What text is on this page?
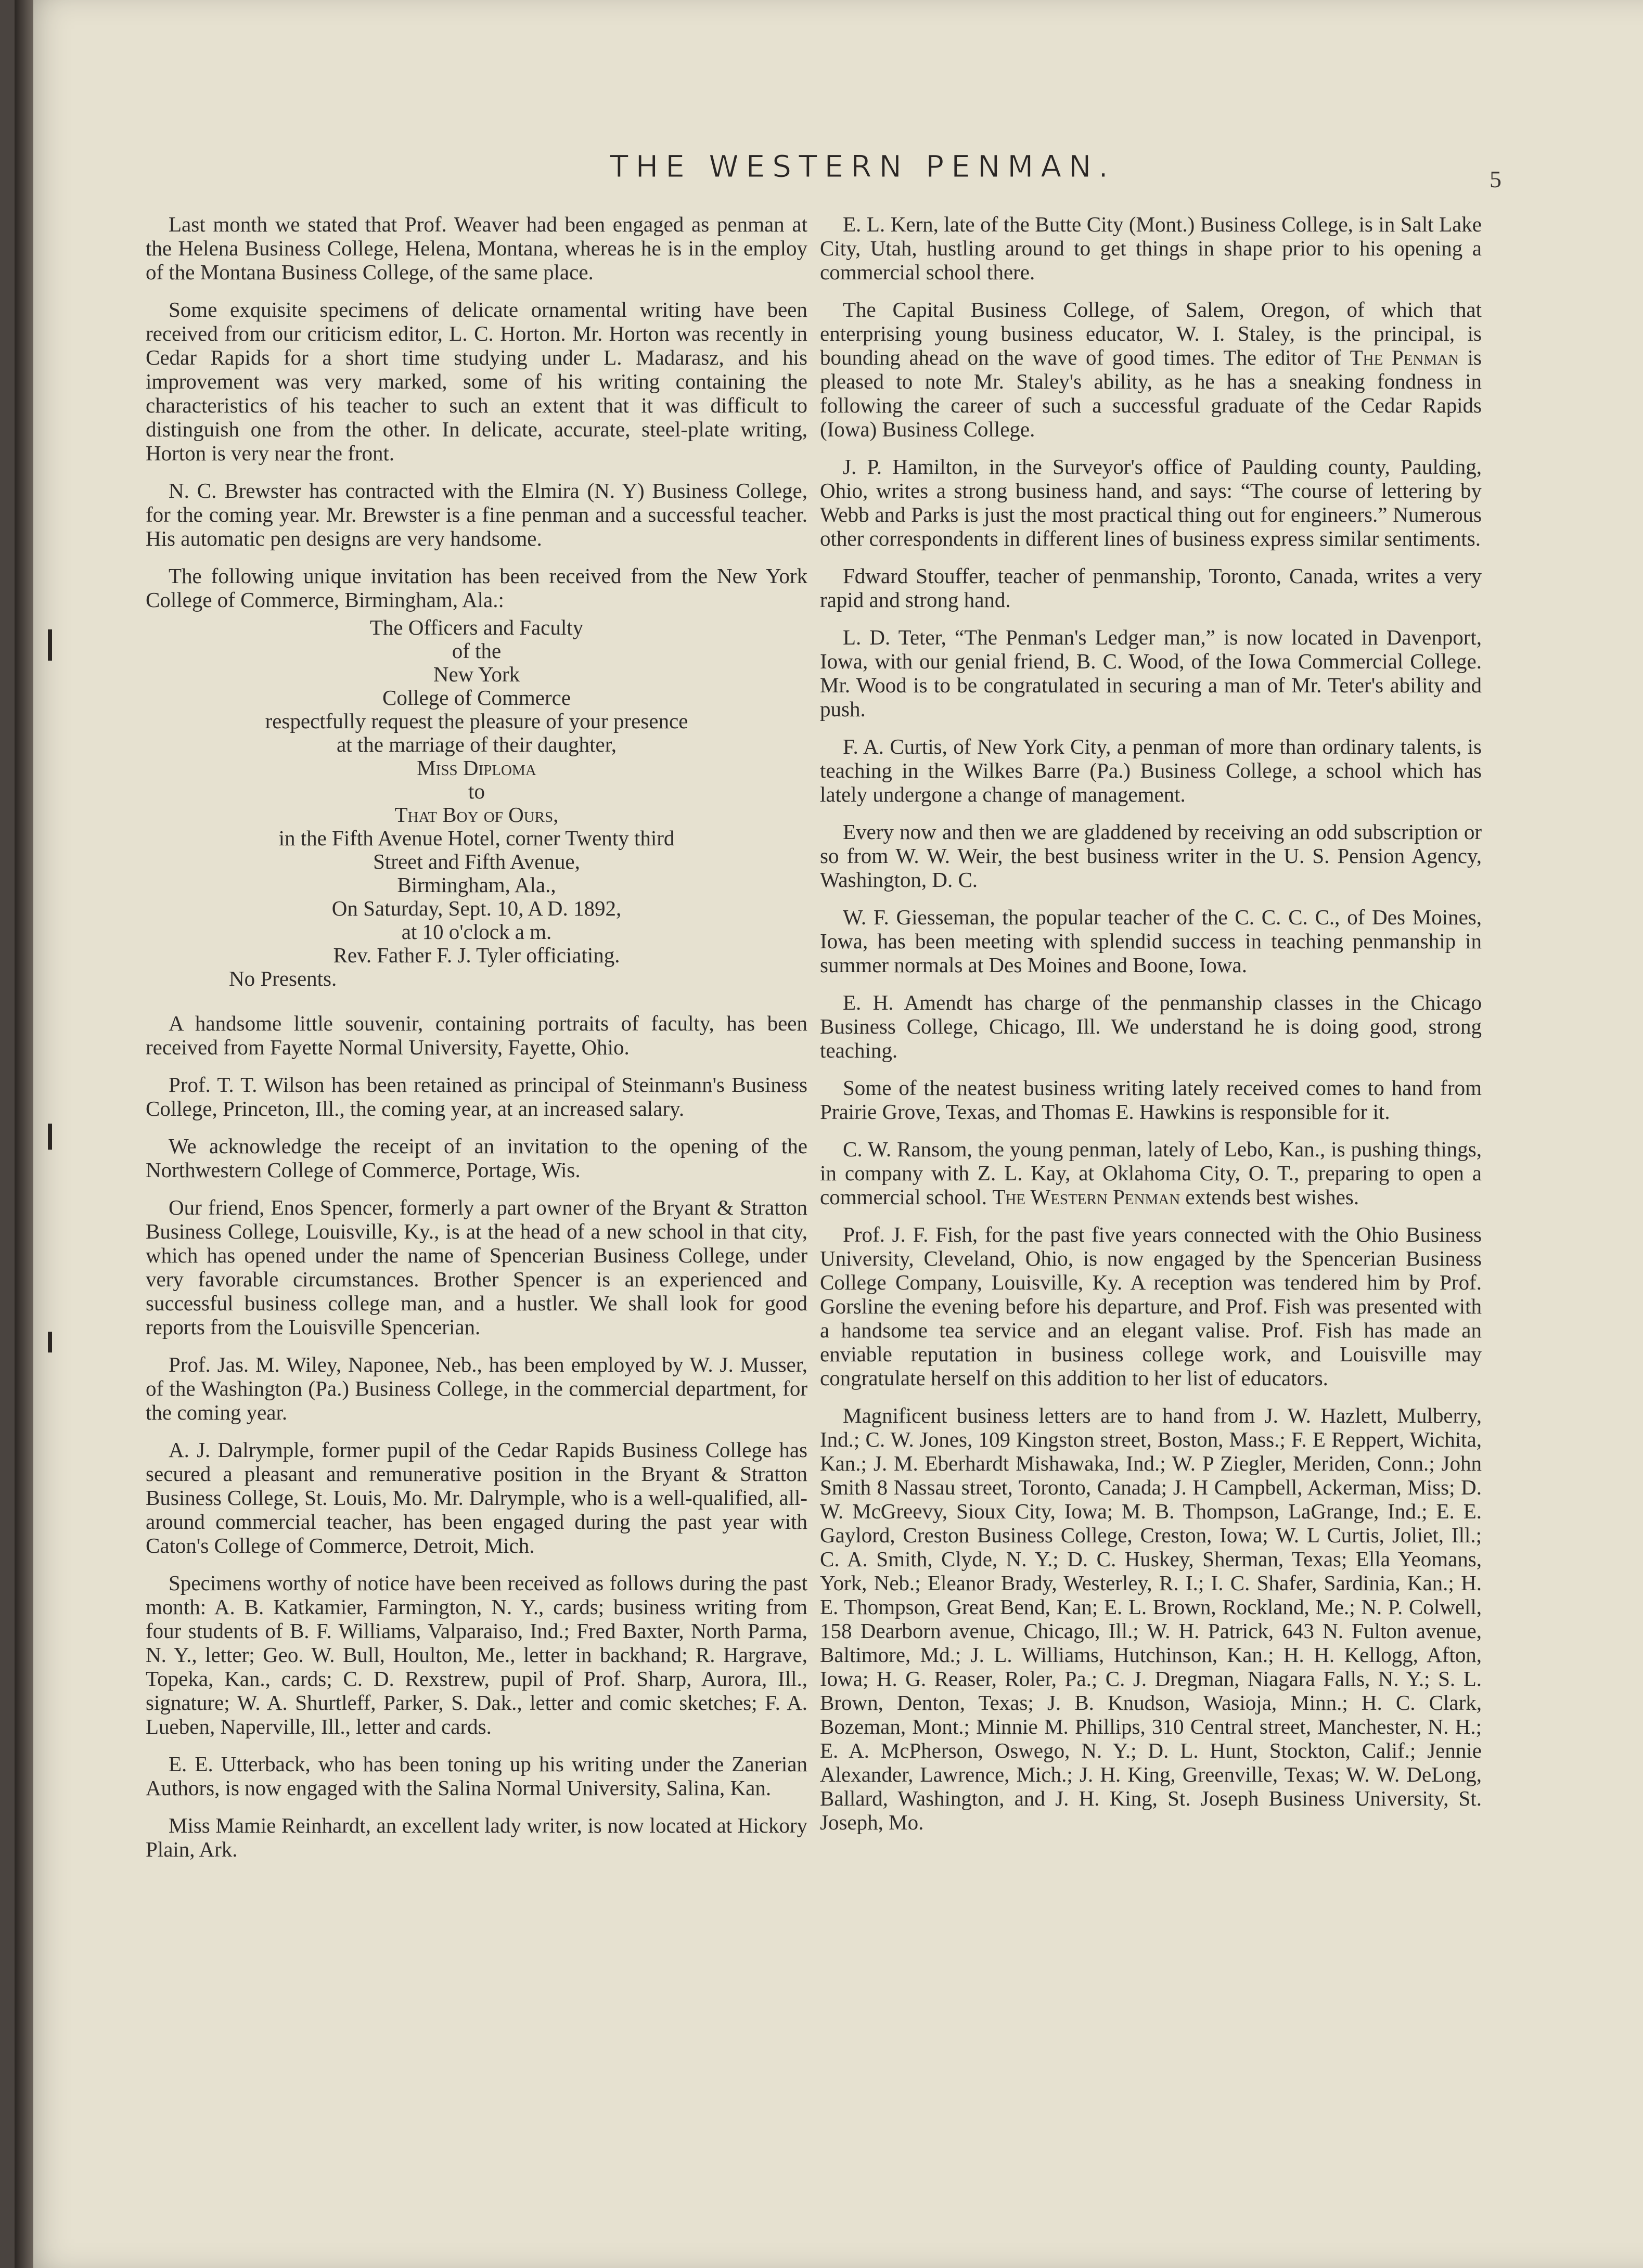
THE WESTERN PENMAN.	5

Last month we stated that Prof. Weaver had been engaged as penman at the Helena Business College, Helena, Montana, whereas he is in the employ of the Montana Business College, of the same place.

Some exquisite specimens of delicate ornamental writing have been received from our criticism editor, L. C. Horton. Mr. Horton was recently in Cedar Rapids for a short time studying under L. Madarasz, and his improvement was very marked, some of his writing containing the characteristics of his teacher to such an extent that it was difficult to distinguish one from the other. In delicate, accurate, steel-plate writing, Horton is very near the front.

N. C. Brewster has contracted with the Elmira (N. Y) Business College, for the coming year. Mr. Brewster is a fine penman and a successful teacher. His automatic pen designs are very handsome.

The following unique invitation has been received from the New York College of Commerce, Birmingham, Ala.:

The Officers and Faculty
of the
New York
College of Commerce
respectfully request the pleasure of your presence
at the marriage of their daughter,
Miss Diploma
to
That Boy of Ours,
in the Fifth Avenue Hotel, corner Twenty third
Street and Fifth Avenue,
Birmingham, Ala.,
On Saturday, Sept. 10, A D. 1892,
at 10 o'clock a m.
Rev. Father F. J. Tyler officiating.
No Presents.

A handsome little souvenir, containing portraits of faculty, has been received from Fayette Normal University, Fayette, Ohio.

Prof. T. T. Wilson has been retained as principal of Steinmann's Business College, Princeton, Ill., the coming year, at an increased salary.

We acknowledge the receipt of an invitation to the opening of the Northwestern College of Commerce, Portage, Wis.

Our friend, Enos Spencer, formerly a part owner of the Bryant & Stratton Business College, Louisville, Ky., is at the head of a new school in that city, which has opened under the name of Spencerian Business College, under very favorable circumstances. Brother Spencer is an experienced and successful business college man, and a hustler. We shall look for good reports from the Louisville Spencerian.

Prof. Jas. M. Wiley, Naponee, Neb., has been employed by W. J. Musser, of the Washington (Pa.) Business College, in the commercial department, for the coming year.

A. J. Dalrymple, former pupil of the Cedar Rapids Business College has secured a pleasant and remunerative position in the Bryant & Stratton Business College, St. Louis, Mo. Mr. Dalrymple, who is a well-qualified, all-around commercial teacher, has been engaged during the past year with Caton's College of Commerce, Detroit, Mich.

Specimens worthy of notice have been received as follows during the past month: A. B. Katkamier, Farmington, N. Y., cards; business writing from four students of B. F. Williams, Valparaiso, Ind.; Fred Baxter, North Parma, N. Y., letter; Geo. W. Bull, Houlton, Me., letter in backhand; R. Hargrave, Topeka, Kan., cards; C. D. Rexstrew, pupil of Prof. Sharp, Aurora, Ill., signature; W. A. Shurtleff, Parker, S. Dak., letter and comic sketches; F. A. Lueben, Naperville, Ill., letter and cards.

E. E. Utterback, who has been toning up his writing under the Zanerian Authors, is now engaged with the Salina Normal University, Salina, Kan.

Miss Mamie Reinhardt, an excellent lady writer, is now located at Hickory Plain, Ark.

E. L. Kern, late of the Butte City (Mont.) Business College, is in Salt Lake City, Utah, hustling around to get things in shape prior to his opening a commercial school there.

The Capital Business College, of Salem, Oregon, of which that enterprising young business educator, W. I. Staley, is the principal, is bounding ahead on the wave of good times. The editor of The Penman is pleased to note Mr. Staley's ability, as he has a sneaking fondness in following the career of such a successful graduate of the Cedar Rapids (Iowa) Business College.

J. P. Hamilton, in the Surveyor's office of Paulding county, Paulding, Ohio, writes a strong business hand, and says: “The course of lettering by Webb and Parks is just the most practical thing out for engineers.” Numerous other correspondents in different lines of business express similar sentiments.

Fdward Stouffer, teacher of penmanship, Toronto, Canada, writes a very rapid and strong hand.

L. D. Teter, “The Penman's Ledger man,” is now located in Davenport, Iowa, with our genial friend, B. C. Wood, of the Iowa Commercial College. Mr. Wood is to be congratulated in securing a man of Mr. Teter's ability and push.

F. A. Curtis, of New York City, a penman of more than ordinary talents, is teaching in the Wilkes Barre (Pa.) Business College, a school which has lately undergone a change of management.

Every now and then we are gladdened by receiving an odd subscription or so from W. W. Weir, the best business writer in the U. S. Pension Agency, Washington, D. C.

W. F. Giesseman, the popular teacher of the C. C. C. C., of Des Moines, Iowa, has been meeting with splendid success in teaching penmanship in summer normals at Des Moines and Boone, Iowa.

E. H. Amendt has charge of the penmanship classes in the Chicago Business College, Chicago, Ill. We understand he is doing good, strong teaching.

Some of the neatest business writing lately received comes to hand from Prairie Grove, Texas, and Thomas E. Hawkins is responsible for it.

C. W. Ransom, the young penman, lately of Lebo, Kan., is pushing things, in company with Z. L. Kay, at Oklahoma City, O. T., preparing to open a commercial school. The Western Penman extends best wishes.

Prof. J. F. Fish, for the past five years connected with the Ohio Business University, Cleveland, Ohio, is now engaged by the Spencerian Business College Company, Louisville, Ky. A reception was tendered him by Prof. Gorsline the evening before his departure, and Prof. Fish was presented with a handsome tea service and an elegant valise. Prof. Fish has made an enviable reputation in business college work, and Louisville may congratulate herself on this addition to her list of educators.

Magnificent business letters are to hand from J. W. Hazlett, Mulberry, Ind.; C. W. Jones, 109 Kingston street, Boston, Mass.; F. E Reppert, Wichita, Kan.; J. M. Eberhardt Mishawaka, Ind.; W. P Ziegler, Meriden, Conn.; John Smith 8 Nassau street, Toronto, Canada; J. H Campbell, Ackerman, Miss; D. W. McGreevy, Sioux City, Iowa; M. B. Thompson, LaGrange, Ind.; E. E. Gaylord, Creston Business College, Creston, Iowa; W. L Curtis, Joliet, Ill.; C. A. Smith, Clyde, N. Y.; D. C. Huskey, Sherman, Texas; Ella Yeomans, York, Neb.; Eleanor Brady, Westerley, R. I.; I. C. Shafer, Sardinia, Kan.; H. E. Thompson, Great Bend, Kan; E. L. Brown, Rockland, Me.; N. P. Colwell, 158 Dearborn avenue, Chicago, Ill.; W. H. Patrick, 643 N. Fulton avenue, Baltimore, Md.; J. L. Williams, Hutchinson, Kan.; H. H. Kellogg, Afton, Iowa; H. G. Reaser, Roler, Pa.; C. J. Dregman, Niagara Falls, N. Y.; S. L. Brown, Denton, Texas; J. B. Knudson, Wasioja, Minn.; H. C. Clark, Bozeman, Mont.; Minnie M. Phillips, 310 Central street, Manchester, N. H.; E. A. McPherson, Oswego, N. Y.; D. L. Hunt, Stockton, Calif.; Jennie Alexander, Lawrence, Mich.; J. H. King, Greenville, Texas; W. W. DeLong, Ballard, Washington, and J. H. King, St. Joseph Business University, St. Joseph, Mo.
